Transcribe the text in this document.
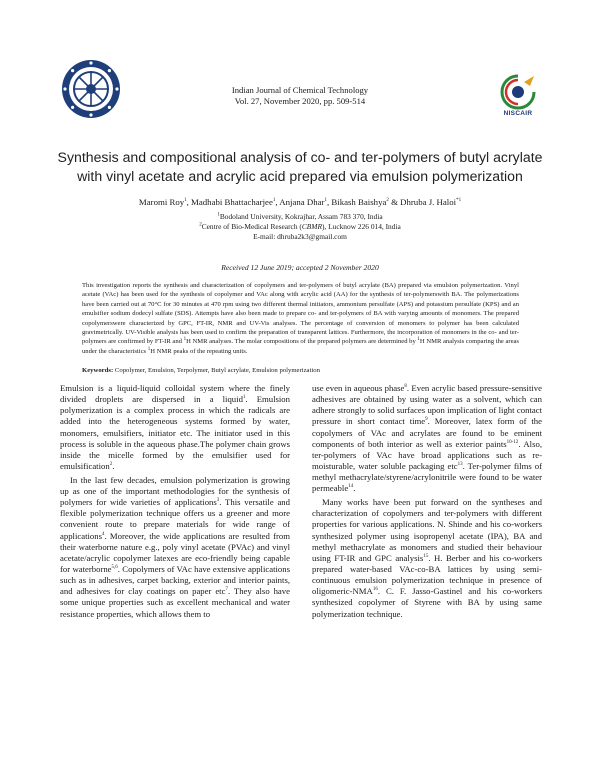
NISCAIR
Indian Journal of Chemical Technology
Vol. 27, November 2020, pp. 509-514
Synthesis and compositional analysis of co- and ter-polymers of butyl acrylate
with vinyl acetate and acrylic acid prepared via emulsion polymerization
Maromi Roy$^1$, Madhabi Bhattacharjee$^1$, Anjana Dhar$^1$, Bikash Baishya$^2$ & Dhruba J. Haloi$^{*1}$
$^1$Bodoland University, Kokrajhar, Assam 783 370, India
$^2$Centre of Bio-Medical Research (CBMR), Lucknow 226 014, India
E-mail: dhruba2k3@gmail.com
Received 12 June 2019; accepted 2 November 2020
This investigation reports the synthesis and characterization of copolymers and ter-polymers of butyl acrylate (BA) prepared via emulsion polymerization. Vinyl acetate (VAc) has been used for the synthesis of copolymer and VAc along with acrylic acid (AA) for the synthesis of ter-polymerswith BA. The polymerizations have been carried out at 70°C for 30 minutes at 470 rpm using two different thermal initiators, ammonium persulfate (APS) and potassium persulfate (KPS) and an emulsifier sodium dodecyl sulfate (SDS). Attempts have also been made to prepare co- and ter-polymers of BA with varying amounts of monomers. The prepared copolymerswere characterized by GPC, FT-IR, NMR and UV-Vis analyses. The percentage of conversion of monomers to polymer has been calculated gravimetrically. UV-Visible analysis has been used to confirm the preparation of transparent lattices. Furthermore, the incorporation of monomers in the co- and ter-polymers are confirmed by FT-IR and $^1$H NMR analyses. The molar compositions of the prepared polymers are determined by $^1$H NMR analysis comparing the areas under the characteristics $^1$H NMR peaks of the repeating units.
Keywords: Copolymer, Emulsion, Terpolymer, Butyl acrylate, Emulsion polymerization

Emulsion is a liquid-liquid colloidal system where the finely divided droplets are dispersed in a liquid$^1$. Emulsion polymerization is a complex process in which the radicals are added into the heterogeneous systems formed by water, monomers, emulsifiers, initiator etc. The initiator used in this process is soluble in the aqueous phase.The polymer chain grows inside the micelle formed by the emulsifier used for emulsification$^2$.

In the last few decades, emulsion polymerization is growing up as one of the important methodologies for the synthesis of polymers for wide varieties of applications$^3$. This versatile and flexible polymerization technique offers us a greener and more convenient route to prepare materials for wide range of applications$^4$. Moreover, the wide applications are resulted from their waterborne nature e.g., poly vinyl acetate (PVAc) and vinyl acetate/acrylic copolymer latexes are eco-friendly being capable for waterborne$^{5,6}$. Copolymers of VAc have extensive applications such as in adhesives, carpet backing, exterior and interior paints, and adhesives for clay coatings on paper etc$^7$. They also have some unique properties such as excellent mechanical and water resistance properties, which allows them to

use even in aqueous phase$^8$. Even acrylic based pressure-sensitive adhesives are obtained by using water as a solvent, which can adhere strongly to solid surfaces upon implication of light contact pressure in short contact time$^9$. Moreover, latex form of the copolymers of VAc and acrylates are found to be eminent components of both interior as well as exterior paints$^{10-12}$. Also, ter-polymers of VAc have broad applications such as re-moisturable, water soluble packaging etc$^{13}$. Ter-polymer films of methyl methacrylate/styrene/acrylonitrile were found to be water permeable$^{14}$.

Many works have been put forward on the syntheses and characterization of copolymers and ter-polymers with different properties for various applications. N. Shinde and his co-workers synthesized polymer using isopropenyl acetate (IPA), BA and methyl methacrylate as monomers and studied their behaviour using FT-IR and GPC analysis$^{15}$. H. Berber and his co-workers prepared water-based VAc-co-BA lattices by using semi-continuous emulsion polymerization technique in presence of oligomeric-NMA$^{16}$. C. F. Jasso-Gastinel and his co-workers synthesized copolymer of Styrene with BA by using same polymerization technique.
